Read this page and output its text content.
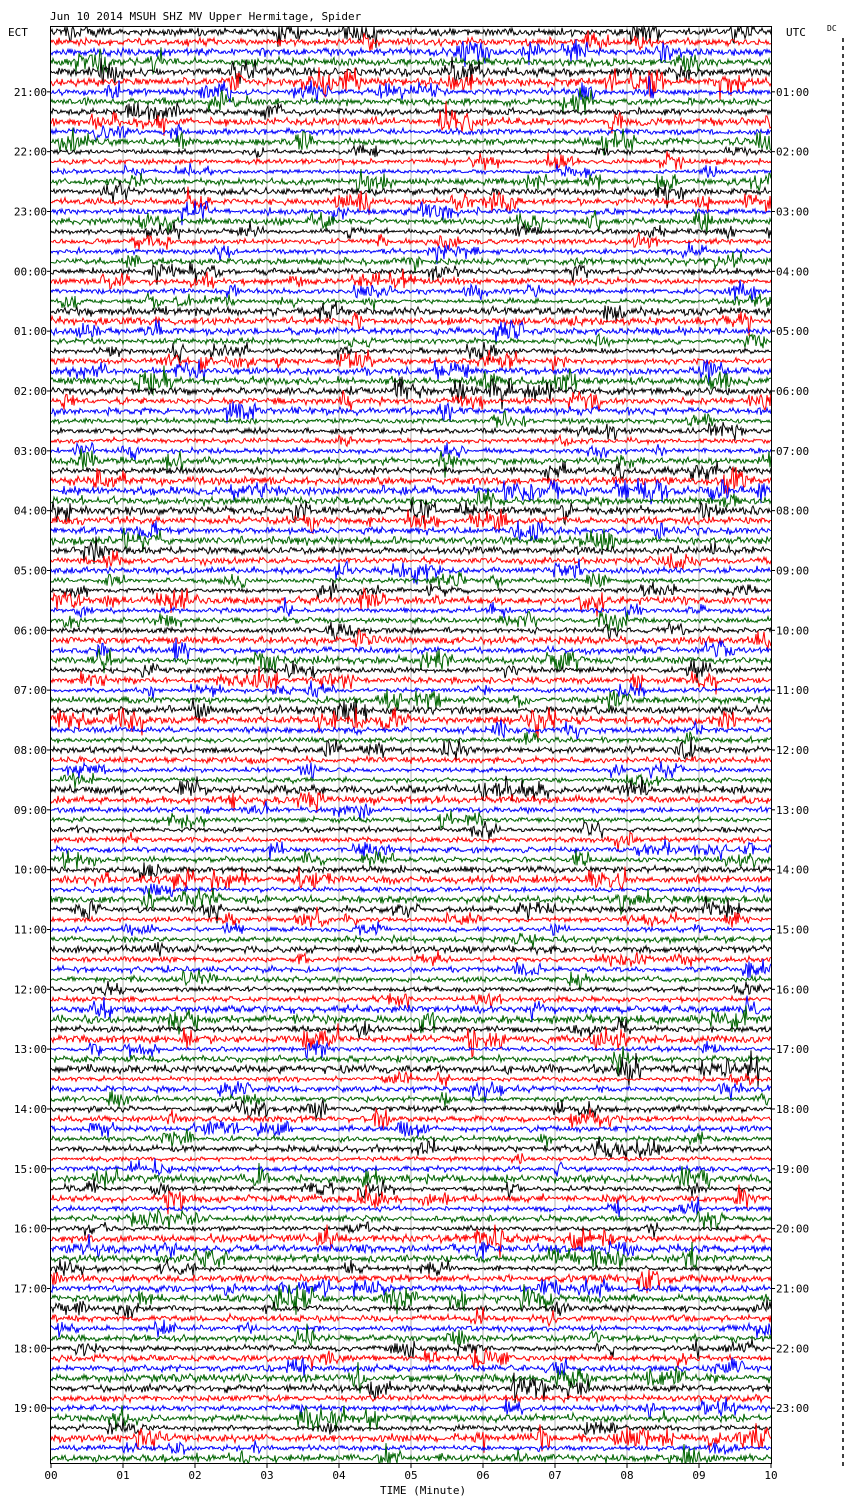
Jun 10 2014 MSUH SHZ MV Upper Hermitage, Spider
ECT	UTC	DC
TIME (Minute)
00	01	02	03	04	05	06	07	08	09	10
21:00
22:00
23:00
00:00
01:00
02:00
03:00
04:00
05:00
06:00
07:00
08:00
09:00
10:00
11:00
12:00
13:00
14:00
15:00
16:00
17:00
18:00
19:00
01:00
02:00
03:00
04:00
05:00
06:00
07:00
08:00
09:00
10:00
11:00
12:00
13:00
14:00
15:00
16:00
17:00
18:00
19:00
20:00
21:00
22:00
23:00
